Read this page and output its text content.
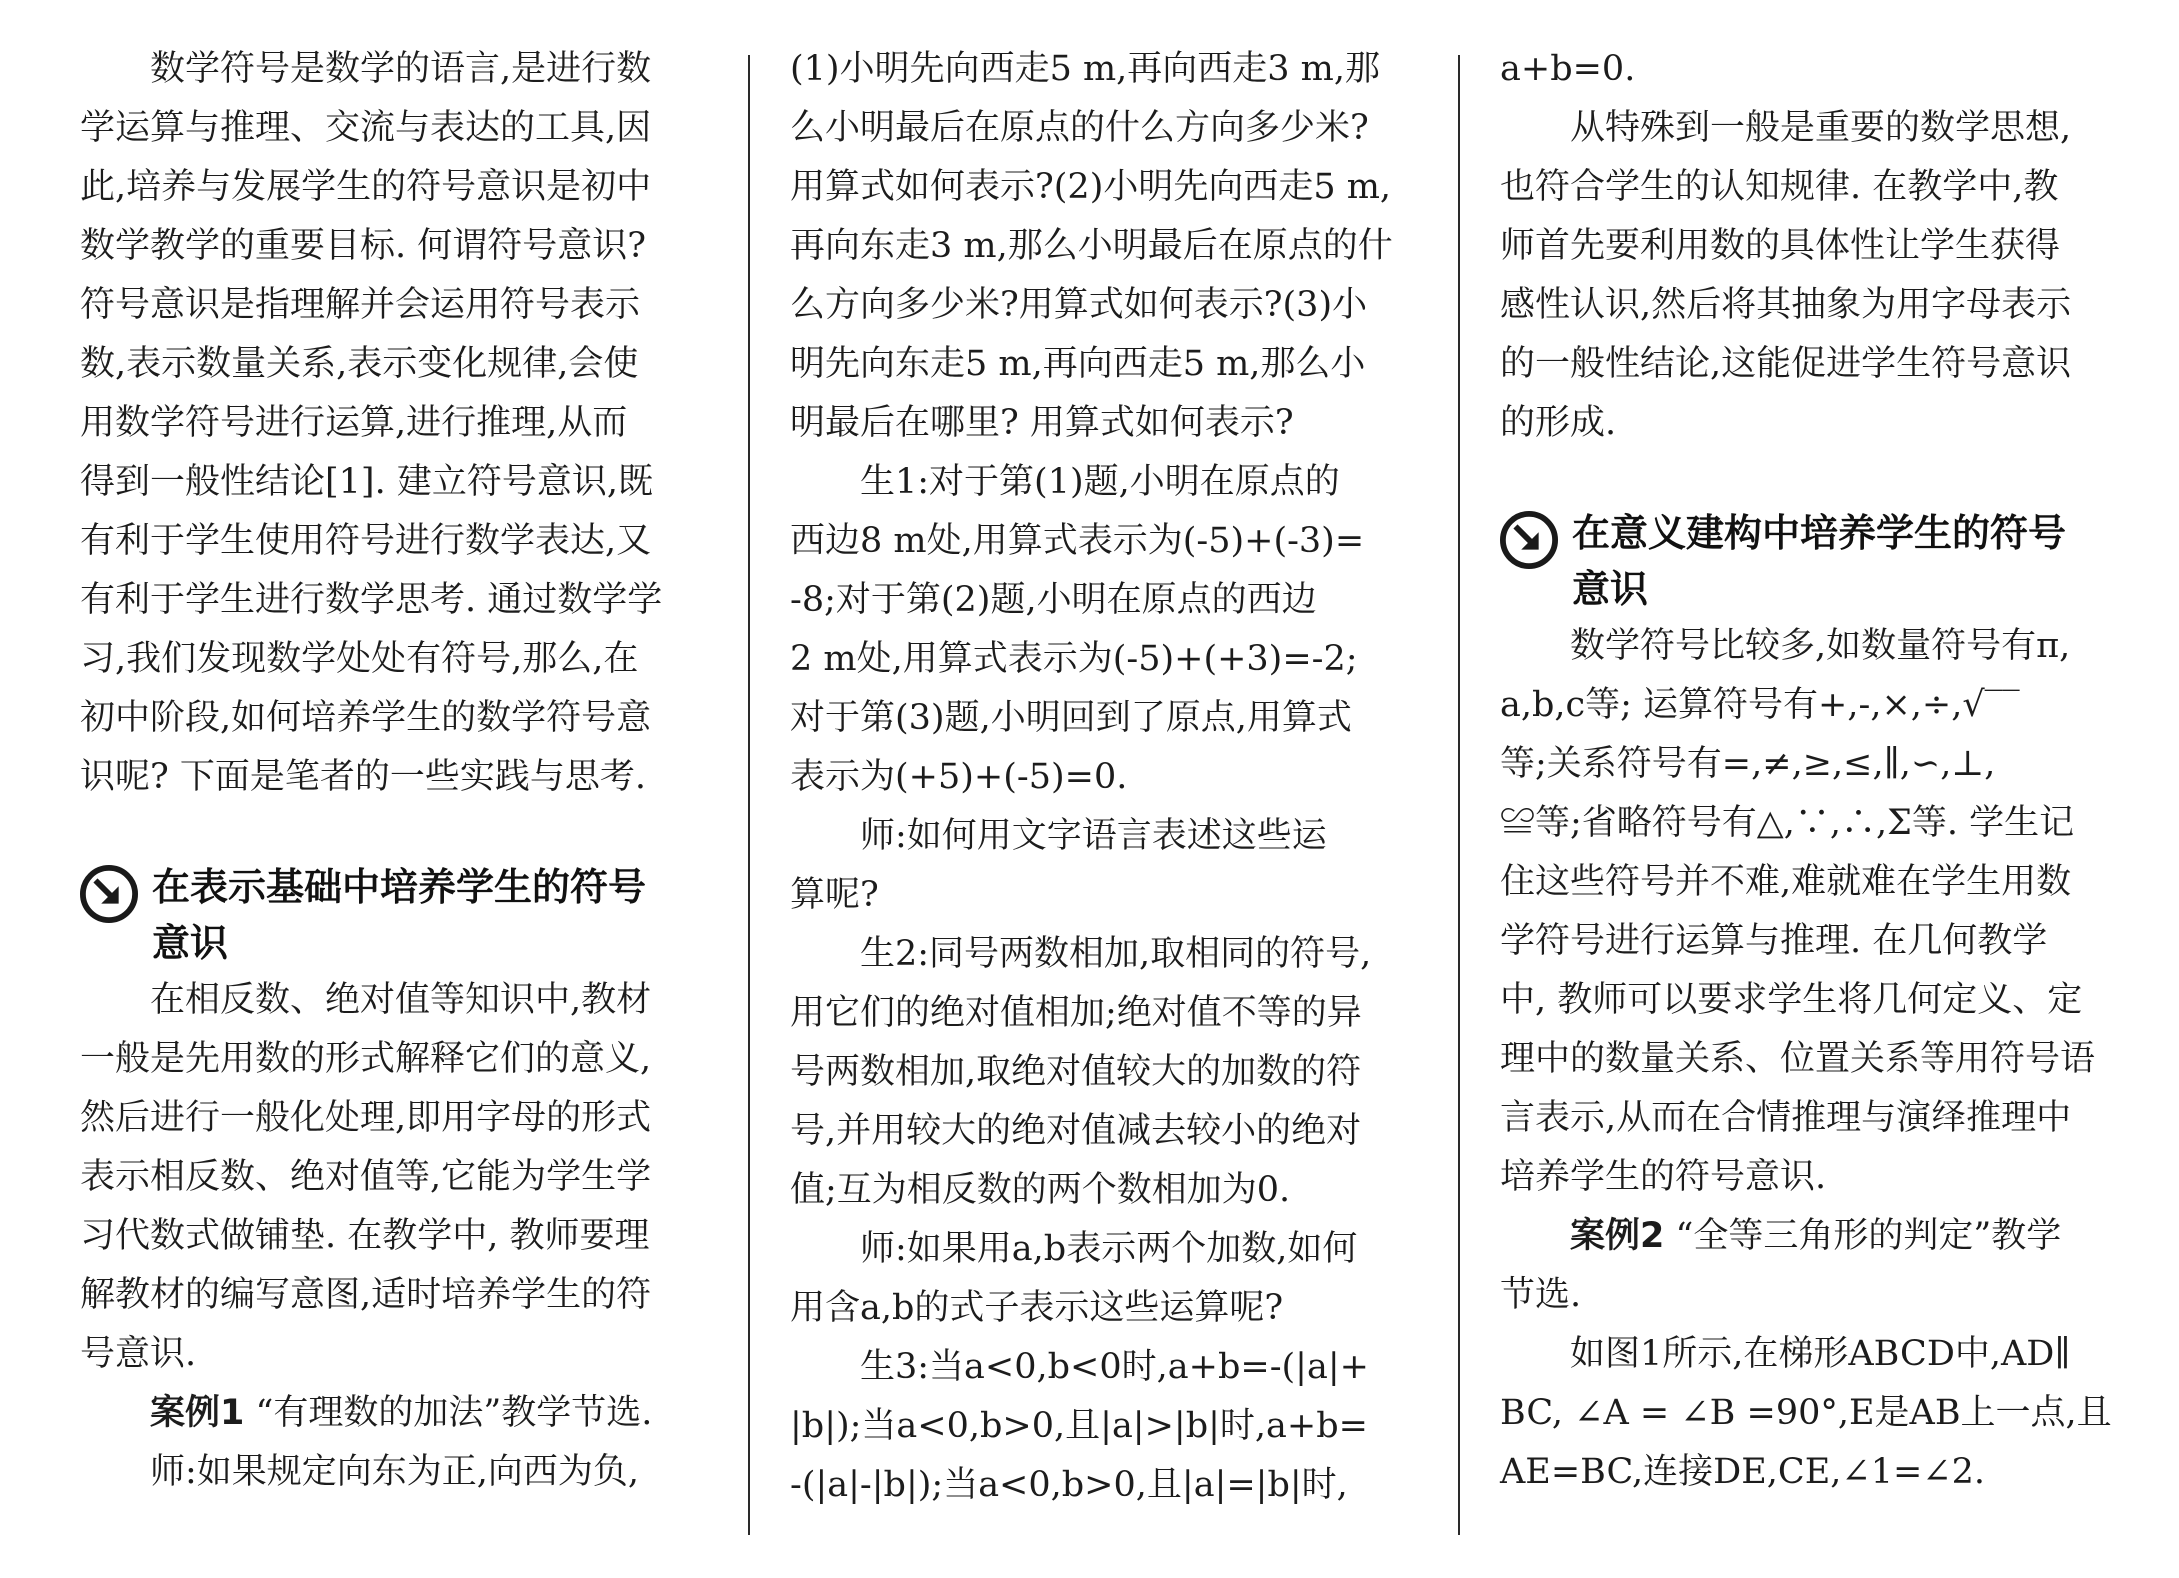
　　数学符号是数学的语言,是进行数
学运算与推理、交流与表达的工具,因
此,培养与发展学生的符号意识是初中
数学教学的重要目标. 何谓符号意识?
符号意识是指理解并会运用符号表示
数,表示数量关系,表示变化规律,会使
用数学符号进行运算,进行推理,从而
得到一般性结论[1]. 建立符号意识,既
有利于学生使用符号进行数学表达,又
有利于学生进行数学思考. 通过数学学
习,我们发现数学处处有符号,那么,在
初中阶段,如何培养学生的数学符号意
识呢? 下面是笔者的一些实践与思考.
在表示基础中培养学生的符号
意识
　　在相反数、绝对值等知识中,教材
一般是先用数的形式解释它们的意义,
然后进行一般化处理,即用字母的形式
表示相反数、绝对值等,它能为学生学
习代数式做铺垫. 在教学中, 教师要理
解教材的编写意图,适时培养学生的符
号意识.
　　案例1 “有理数的加法”教学节选.
　　师:如果规定向东为正,向西为负,
(1)小明先向西走5 m,再向西走3 m,那
么小明最后在原点的什么方向多少米?
用算式如何表示?(2)小明先向西走5 m,
再向东走3 m,那么小明最后在原点的什
么方向多少米?用算式如何表示?(3)小
明先向东走5 m,再向西走5 m,那么小
明最后在哪里? 用算式如何表示?
　　生1:对于第(1)题,小明在原点的
西边8 m处,用算式表示为(-5)+(-3)=
-8;对于第(2)题,小明在原点的西边
2 m处,用算式表示为(-5)+(+3)=-2;
对于第(3)题,小明回到了原点,用算式
表示为(+5)+(-5)=0.
　　师:如何用文字语言表述这些运
算呢?
　　生2:同号两数相加,取相同的符号,
用它们的绝对值相加;绝对值不等的异
号两数相加,取绝对值较大的加数的符
号,并用较大的绝对值减去较小的绝对
值;互为相反数的两个数相加为0.
　　师:如果用a,b表示两个加数,如何
用含a,b的式子表示这些运算呢?
　　生3:当a<0,b<0时,a+b=-(|a|+
|b|);当a<0,b>0,且|a|>|b|时,a+b=
-(|a|-|b|);当a<0,b>0,且|a|=|b|时,
a+b=0.
　　从特殊到一般是重要的数学思想,
也符合学生的认知规律. 在教学中,教
师首先要利用数的具体性让学生获得
感性认识,然后将其抽象为用字母表示
的一般性结论,这能促进学生符号意识
的形成.
在意义建构中培养学生的符号
意识
　　数学符号比较多,如数量符号有π,
a,b,c等; 运算符号有+,-,×,÷,√‾‾
等;关系符号有=,≠,≥,≤,∥,∽,⊥,
≌等;省略符号有△,∵,∴,Σ等. 学生记
住这些符号并不难,难就难在学生用数
学符号进行运算与推理. 在几何教学
中, 教师可以要求学生将几何定义、定
理中的数量关系、位置关系等用符号语
言表示,从而在合情推理与演绎推理中
培养学生的符号意识.
　　案例2 “全等三角形的判定”教学
节选.
　　如图1所示,在梯形ABCD中,AD∥
BC, ∠A = ∠B =90°,E是AB上一点,且
AE=BC,连接DE,CE,∠1=∠2.
